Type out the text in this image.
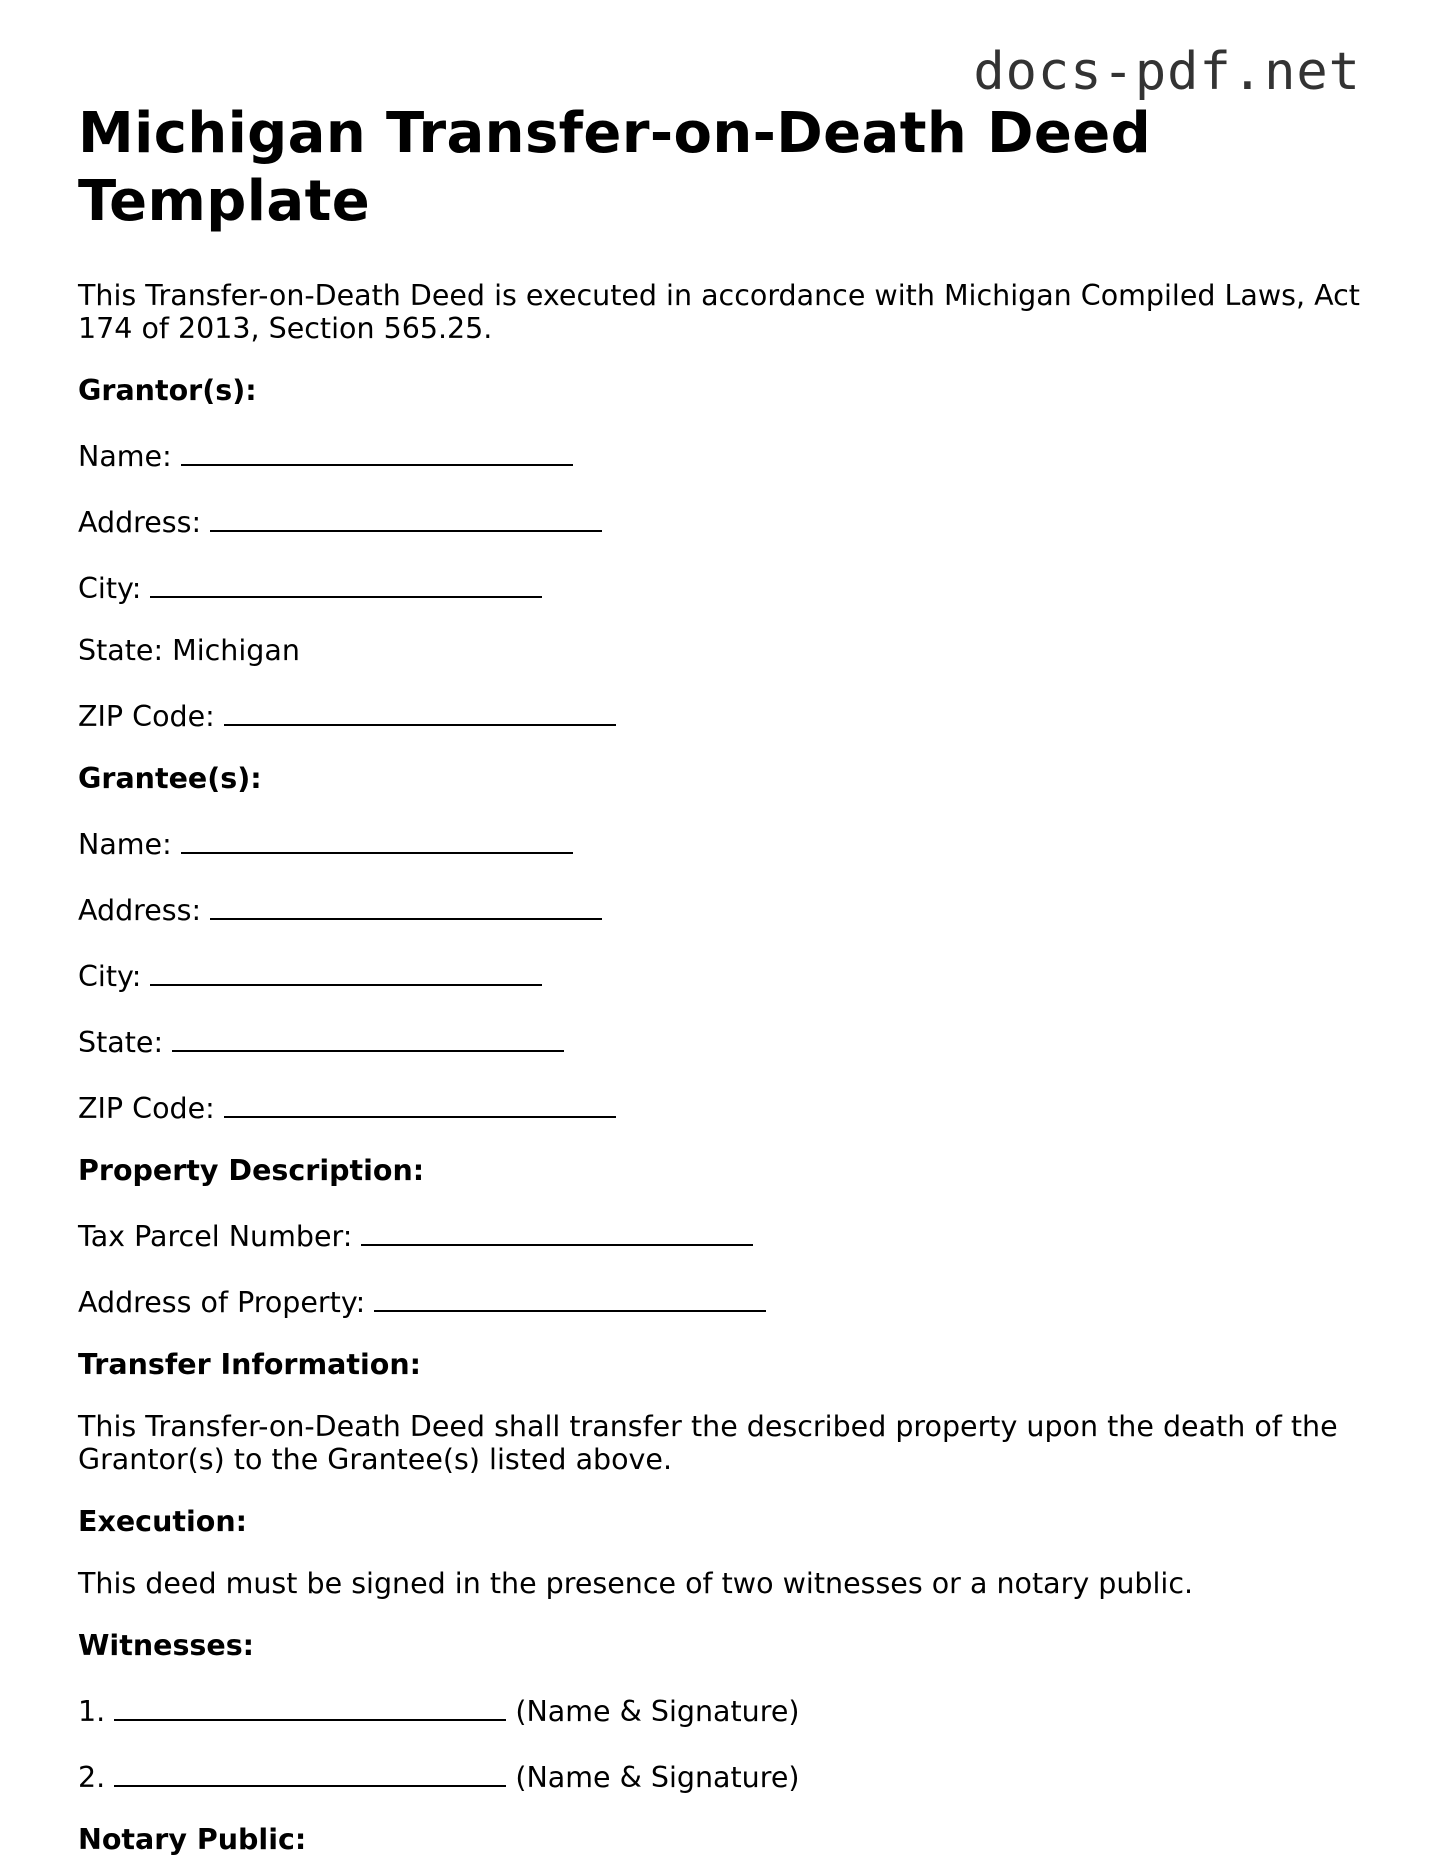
docs-pdf.net
Michigan Transfer-on-Death Deed Template

This Transfer-on-Death Deed is executed in accordance with Michigan Compiled Laws, Act 174 of 2013, Section 565.25.

Grantor(s):

Name:

Address:

City:

State: Michigan

ZIP Code:

Grantee(s):

Name:

Address:

City:

State:

ZIP Code:

Property Description:

Tax Parcel Number:

Address of Property:

Transfer Information:

This Transfer-on-Death Deed shall transfer the described property upon the death of the Grantor(s) to the Grantee(s) listed above.

Execution:

This deed must be signed in the presence of two witnesses or a notary public.

Witnesses:

1.	(Name & Signature)

2.	(Name & Signature)

Notary Public:
